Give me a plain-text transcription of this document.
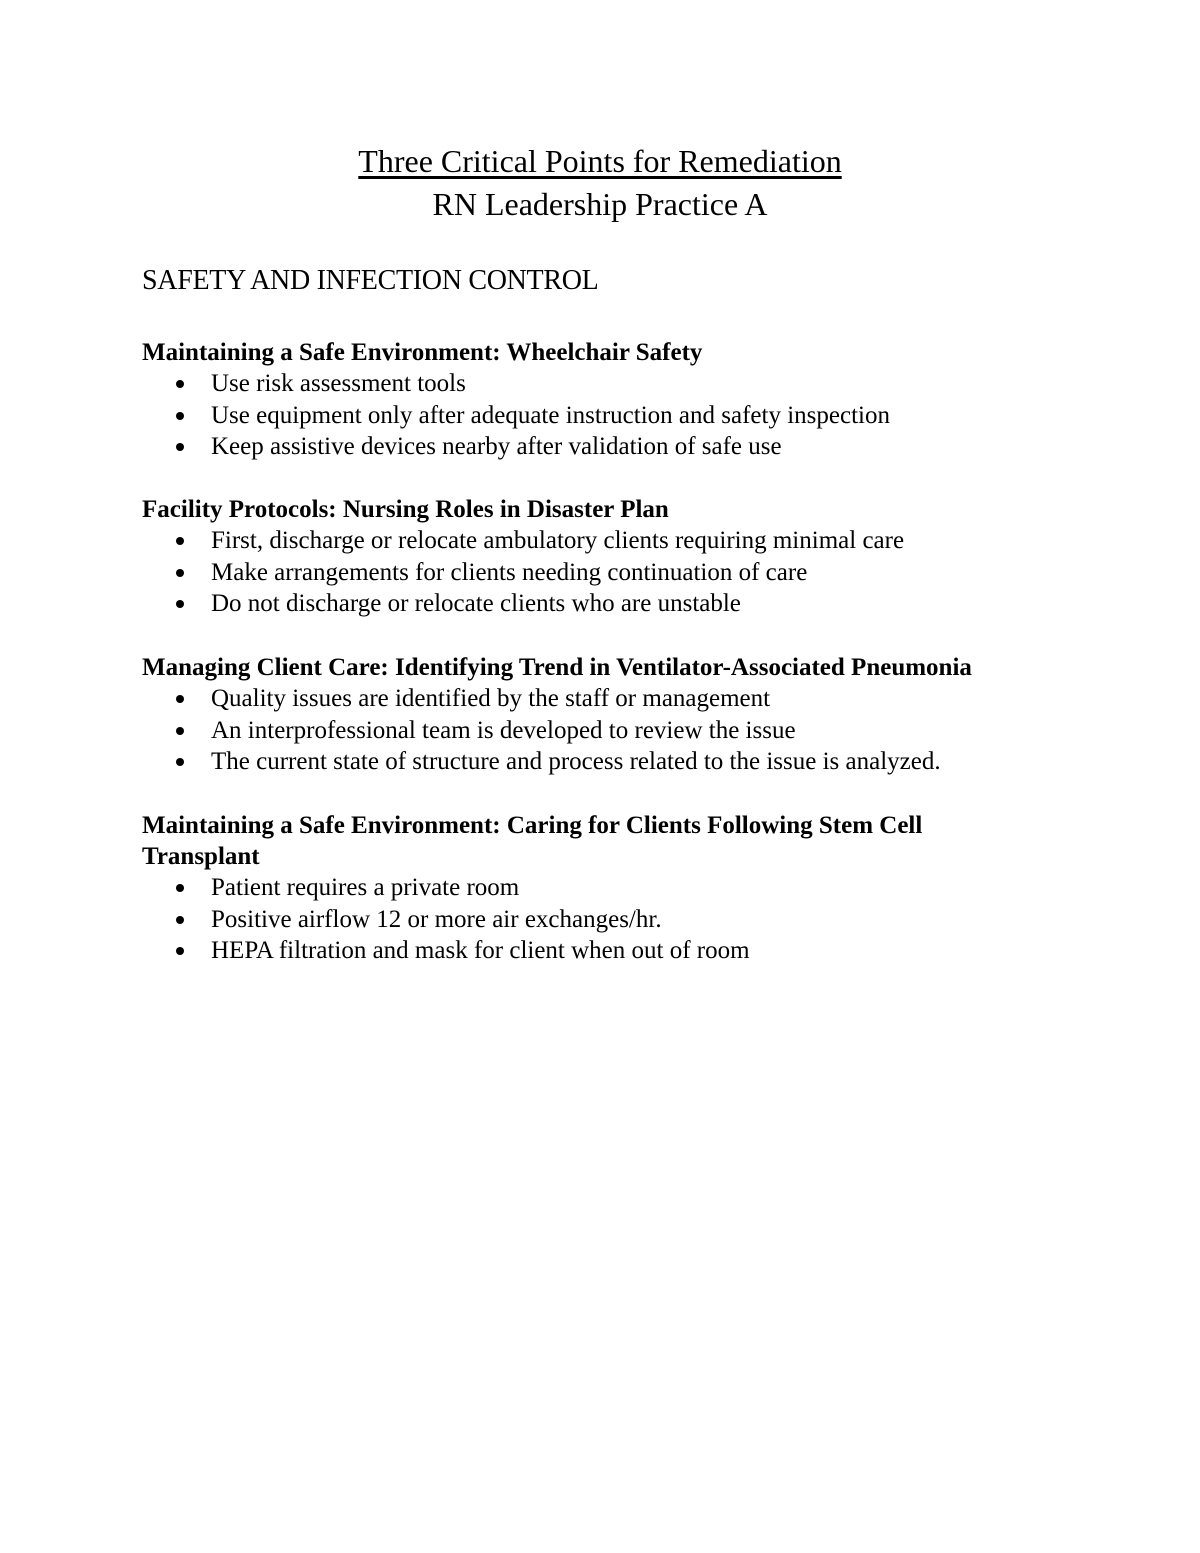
Three Critical Points for Remediation
RN Leadership Practice A
SAFETY AND INFECTION CONTROL
Maintaining a Safe Environment: Wheelchair Safety
Use risk assessment tools
Use equipment only after adequate instruction and safety inspection
Keep assistive devices nearby after validation of safe use
Facility Protocols: Nursing Roles in Disaster Plan
First, discharge or relocate ambulatory clients requiring minimal care
Make arrangements for clients needing continuation of care
Do not discharge or relocate clients who are unstable
Managing Client Care: Identifying Trend in Ventilator-Associated Pneumonia
Quality issues are identified by the staff or management
An interprofessional team is developed to review the issue
The current state of structure and process related to the issue is analyzed.
Maintaining a Safe Environment: Caring for Clients Following Stem Cell Transplant
Patient requires a private room
Positive airflow 12 or more air exchanges/hr.
HEPA filtration and mask for client when out of room
